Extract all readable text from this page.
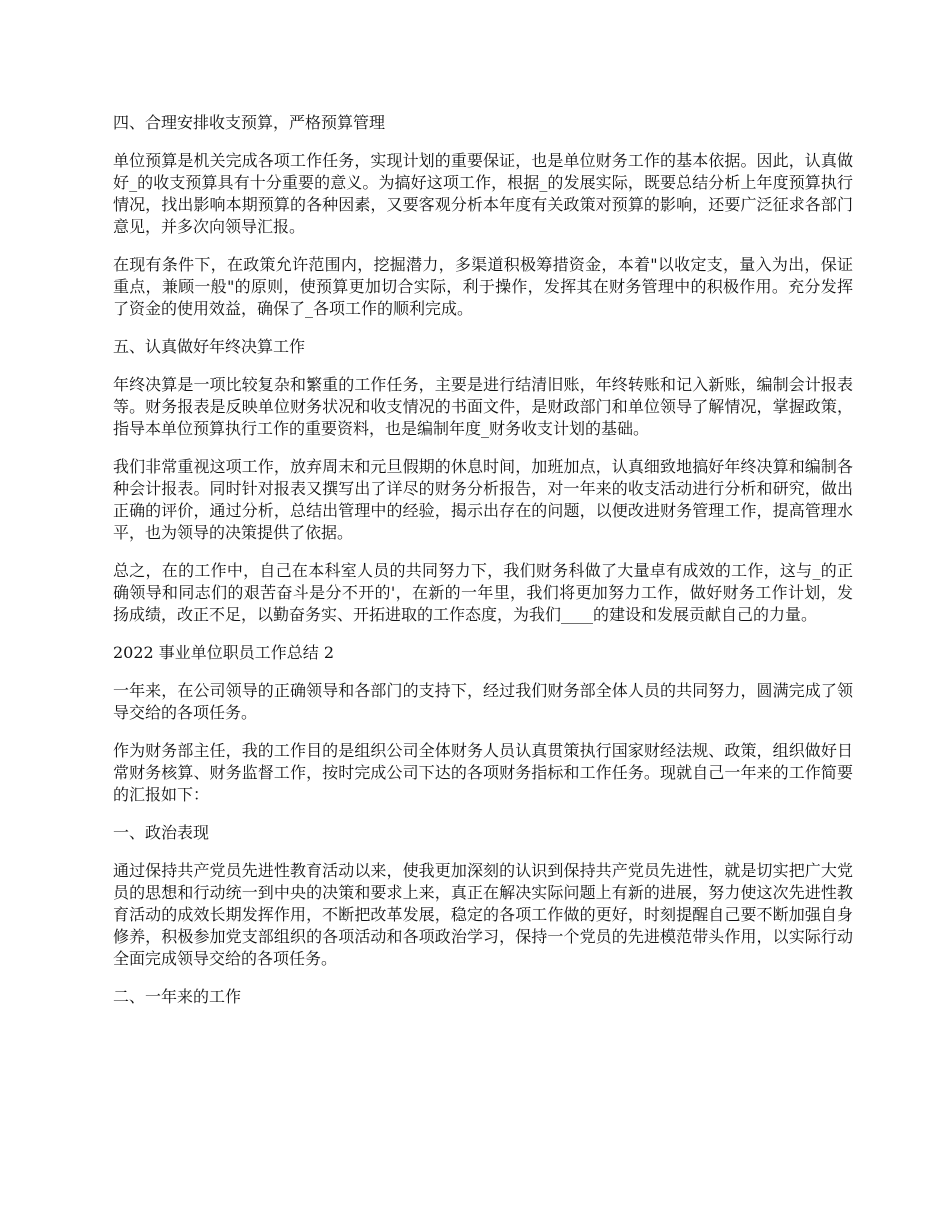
四、合理安排收支预算，严格预算管理

单位预算是机关完成各项工作任务，实现计划的重要保证，也是单位财务工作的基本依据。因此，认真做好_的收支预算具有十分重要的意义。为搞好这项工作，根据_的发展实际，既要总结分析上年度预算执行情况，找出影响本期预算的各种因素，又要客观分析本年度有关政策对预算的影响，还要广泛征求各部门意见，并多次向领导汇报。

在现有条件下，在政策允许范围内，挖掘潜力，多渠道积极筹措资金，本着"以收定支，量入为出，保证重点，兼顾一般"的原则，使预算更加切合实际，利于操作，发挥其在财务管理中的积极作用。充分发挥了资金的使用效益，确保了_各项工作的顺利完成。

五、认真做好年终决算工作

年终决算是一项比较复杂和繁重的工作任务，主要是进行结清旧账，年终转账和记入新账，编制会计报表等。财务报表是反映单位财务状况和收支情况的书面文件，是财政部门和单位领导了解情况，掌握政策，指导本单位预算执行工作的重要资料，也是编制年度_财务收支计划的基础。

我们非常重视这项工作，放弃周末和元旦假期的休息时间，加班加点，认真细致地搞好年终决算和编制各种会计报表。同时针对报表又撰写出了详尽的财务分析报告，对一年来的收支活动进行分析和研究，做出正确的评价，通过分析，总结出管理中的经验，揭示出存在的问题，以便改进财务管理工作，提高管理水平，也为领导的决策提供了依据。

总之，在的工作中，自己在本科室人员的共同努力下，我们财务科做了大量卓有成效的工作，这与_的正确领导和同志们的艰苦奋斗是分不开的'，在新的一年里，我们将更加努力工作，做好财务工作计划，发扬成绩，改正不足，以勤奋务实、开拓进取的工作态度，为我们____的建设和发展贡献自己的力量。

2022 事业单位职员工作总结 2

一年来，在公司领导的正确领导和各部门的支持下，经过我们财务部全体人员的共同努力，圆满完成了领导交给的各项任务。

作为财务部主任，我的工作目的是组织公司全体财务人员认真贯策执行国家财经法规、政策，组织做好日常财务核算、财务监督工作，按时完成公司下达的各项财务指标和工作任务。现就自己一年来的工作简要的汇报如下：

一、政治表现

通过保持共产党员先进性教育活动以来，使我更加深刻的认识到保持共产党员先进性，就是切实把广大党员的思想和行动统一到中央的决策和要求上来，真正在解决实际问题上有新的进展，努力使这次先进性教育活动的成效长期发挥作用，不断把改革发展，稳定的各项工作做的更好，时刻提醒自己要不断加强自身修养，积极参加党支部组织的各项活动和各项政治学习，保持一个党员的先进模范带头作用，以实际行动全面完成领导交给的各项任务。

二、一年来的工作
